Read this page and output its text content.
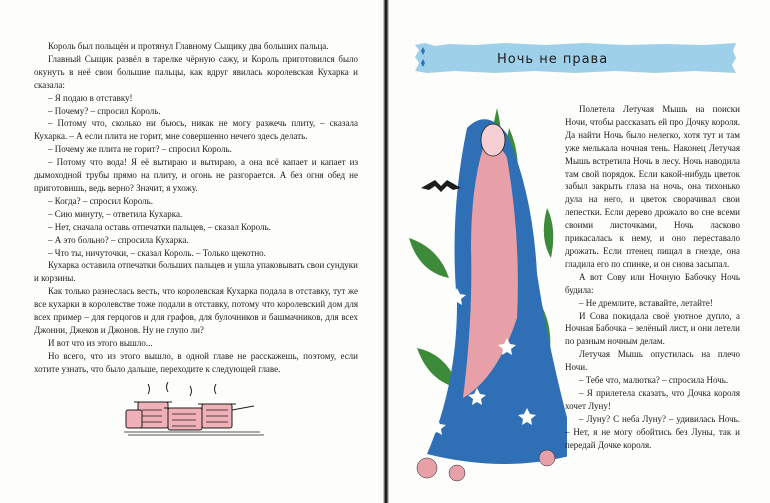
Король был польщён и протянул Главному Сыщику два больших пальца.

Главный Сыщик развёл в тарелке чёрную сажу, и Король приготовился было окунуть в неё свои большие пальцы, как вдруг явилась королевская Кухарка и сказала:

– Я подаю в отставку!

– Почему? – спросил Король.

– Потому что, сколько ни бьюсь, никак не могу разжечь плиту, – сказала Кухарка. – А если плита не горит, мне совершенно нечего здесь делать.

– Почему же плита не горит? – спросил Король.

– Потому что вода! Я её вытираю и вытираю, а она всё капает и капает из дымоходной трубы прямо на плиту, и огонь не разгорается. А без огня обед не приготовишь, ведь верно? Значит, я ухожу.

– Когда? – спросил Король.

– Сию минуту, – ответила Кухарка.

– Нет, сначала оставь отпечатки пальцев, – сказал Король.

– А это больно? – спросила Кухарка.

– Что ты, ничуточки, – сказал Король. – Только щекотно.

Кухарка оставила отпечатки больших пальцев и ушла упаковывать свои сундуки и корзины.

Как только разнеслась весть, что королевская Кухарка подала в отставку, тут же все кухарки в королевстве тоже подали в отставку, потому что королевский дом для всех пример – для герцогов и для графов, для булочников и башмачников, для всех Джонни, Джеков и Джонов. Ну не глупо ли?

И вот что из этого вышло...

Но всего, что из этого вышло, в одной главе не расскажешь, поэтому, если хотите узнать, что было дальше, переходите к следующей главе.

Ночь не права

Полетела Летучая Мышь на поиски Ночи, чтобы рассказать ей про Дочку короля. Да найти Ночь было нелегко, хотя тут и там уже мелькала ночная тень. Наконец Летучая Мышь встретила Ночь в лесу. Ночь наводила там свой порядок. Если какой-нибудь цветок забыл закрыть глаза на ночь, она тихонько дула на него, и цветок сворачивал свои лепестки. Если дерево дрожало во сне всеми своими листочками, Ночь ласково прикасалась к нему, и оно переставало дрожать. Если птенец пищал в гнезде, она гладила его по спинке, и он снова засыпал.

А вот Сову или Ночную Бабочку Ночь будила:

– Не дремлите, вставайте, летайте!

И Сова покидала своё уютное дупло, а Ночная Бабочка – зелёный лист, и они летели по разным ночным делам.

Летучая Мышь опустилась на плечо Ночи.

– Тебе что, малютка? – спросила Ночь.

– Я прилетела сказать, что Дочка короля хочет Луну!

– Луну? С неба Луну? – удивилась Ночь. – Нет, я не могу обойтись без Луны, так и передай Дочке короля.
